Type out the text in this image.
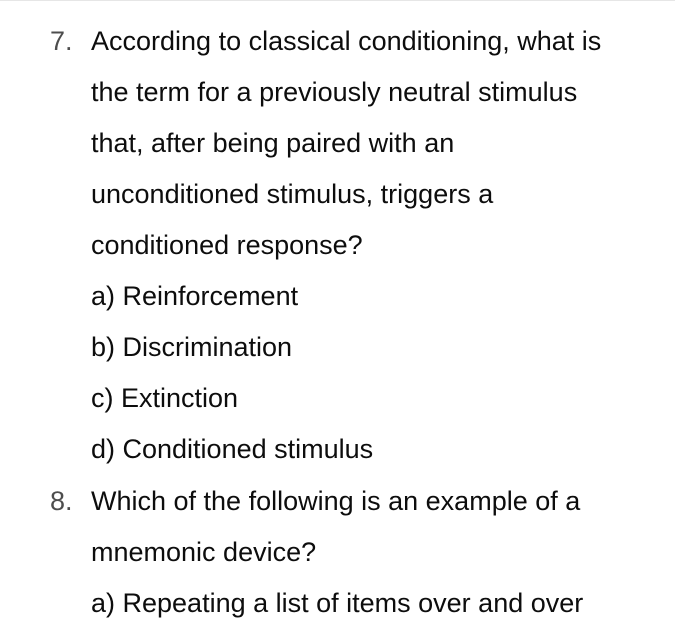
7. According to classical conditioning, what is
the term for a previously neutral stimulus
that, after being paired with an
unconditioned stimulus, triggers a
conditioned response?
a) Reinforcement
b) Discrimination
c) Extinction
d) Conditioned stimulus
8. Which of the following is an example of a
mnemonic device?
a) Repeating a list of items over and over
